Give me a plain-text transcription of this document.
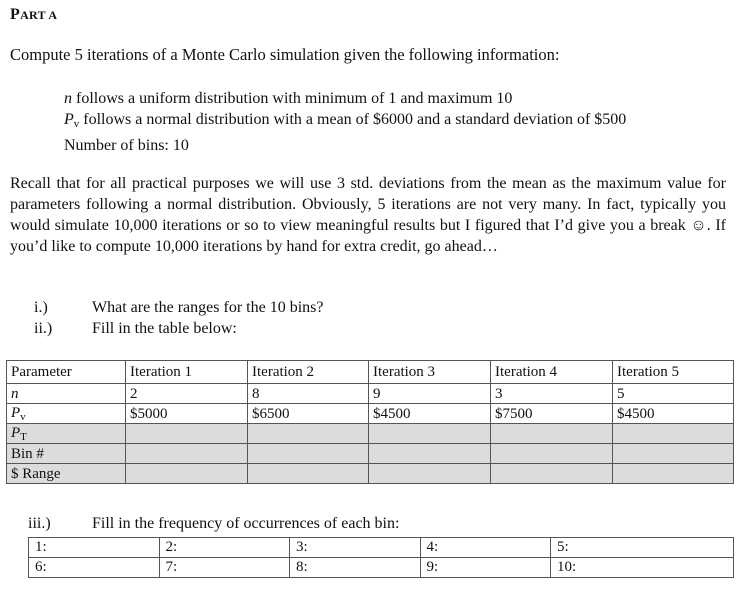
PART A
Compute 5 iterations of a Monte Carlo simulation given the following information:
n follows a uniform distribution with minimum of 1 and maximum 10
$P_v$ follows a normal distribution with a mean of $6000 and a standard deviation of $500
Number of bins: 10
Recall that for all practical purposes we will use 3 std. deviations from the mean as the maximum value for parameters following a normal distribution. Obviously, 5 iterations are not very many. In fact, typically you would simulate 10,000 iterations or so to view meaningful results but I figured that I’d give you a break ☺. If you’d like to compute 10,000 iterations by hand for extra credit, go ahead…
i.)	What are the ranges for the 10 bins?
ii.) Fill in the table below:
Parameter	Iteration 1	Iteration 2	Iteration 3	Iteration 4	Iteration 5
n	2	8	9	3	5
$P_v$	$5000	$6500	$4500	$7500	$4500
$P_T$					
Bin #					
$ Range					
iii.)	Fill in the frequency of occurrences of each bin:
1:	2:	3:	4:	5:
6:	7:	8:	9:	10:
